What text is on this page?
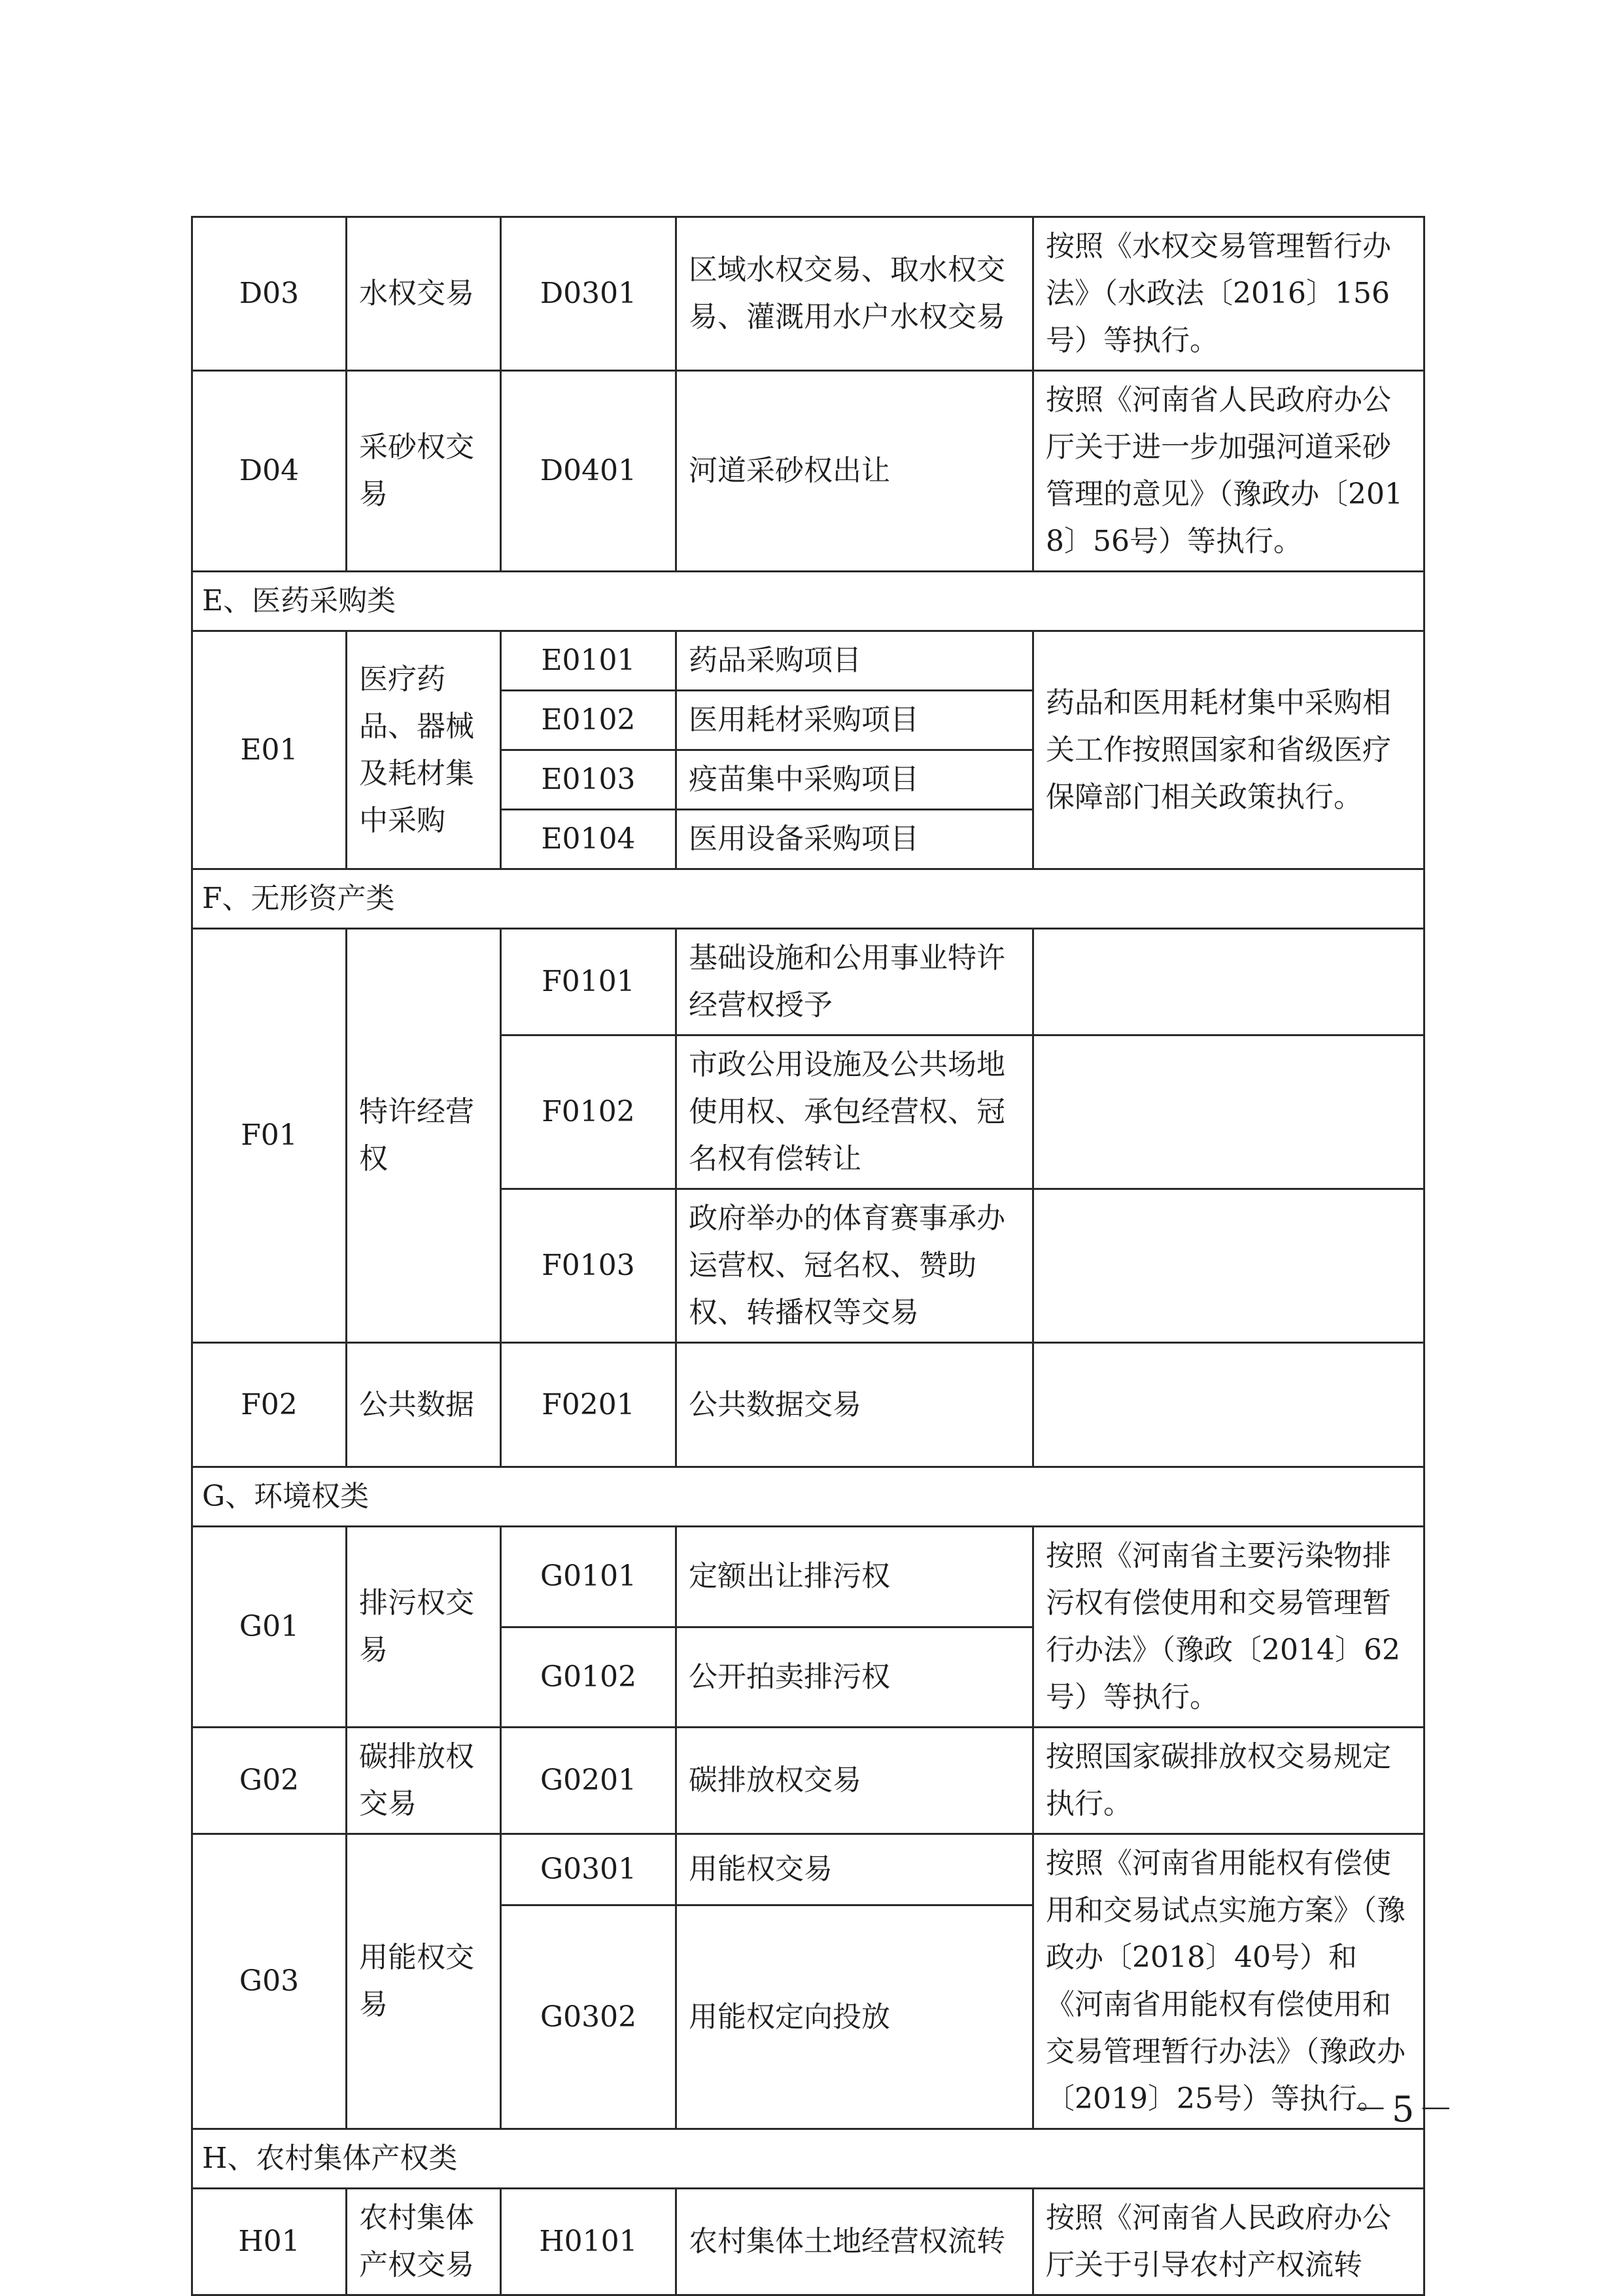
D03	水权交易	D0301	区域水权交易、取水权交易、灌溉用水户水权交易	按照《水权交易管理暂行办法》（水政法〔2016〕156号）等执行。
D04	采砂权交易	D0401	河道采砂权出让	按照《河南省人民政府办公厅关于进一步加强河道采砂管理的意见》（豫政办〔2018〕56号）等执行。
E、医药采购类				
E01	医疗药品、器械及耗材集中采购	E0101	药品采购项目	药品和医用耗材集中采购相关工作按照国家和省级医疗保障部门相关政策执行。
		E0102	医用耗材采购项目	
		E0103	疫苗集中采购项目	
		E0104	医用设备采购项目	
F、无形资产类				
F01	特许经营权	F0101	基础设施和公用事业特许经营权授予	
		F0102	市政公用设施及公共场地使用权、承包经营权、冠名权有偿转让	
		F0103	政府举办的体育赛事承办运营权、冠名权、赞助权、转播权等交易	
F02	公共数据	F0201	公共数据交易	
G、环境权类				
G01	排污权交易	G0101	定额出让排污权	按照《河南省主要污染物排污权有偿使用和交易管理暂行办法》（豫政〔2014〕62号）等执行。
		G0102	公开拍卖排污权	
G02	碳排放权交易	G0201	碳排放权交易	按照国家碳排放权交易规定执行。
G03	用能权交易	G0301	用能权交易	按照《河南省用能权有偿使用和交易试点实施方案》（豫政办〔2018〕40号）和《河南省用能权有偿使用和交易管理暂行办法》（豫政办〔2019〕25号）等执行。
		G0302	用能权定向投放	
H、农村集体产权类				
H01	农村集体产权交易	H0101	农村集体土地经营权流转	按照《河南省人民政府办公厅关于引导农村产权流转
－5－
